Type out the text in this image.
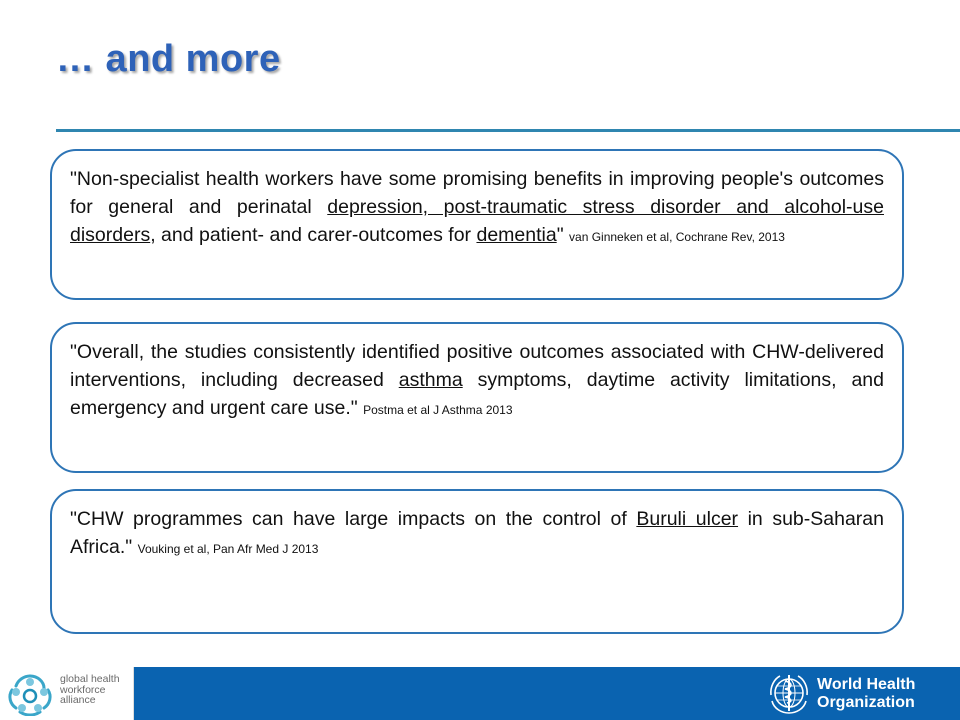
… and more
"Non-specialist health workers have some promising benefits in improving people's outcomes for general and perinatal depression, post-traumatic stress disorder and alcohol-use disorders, and patient- and carer-outcomes for dementia" van Ginneken et al, Cochrane Rev, 2013
"Overall, the studies consistently identified positive outcomes associated with CHW-delivered interventions, including decreased asthma symptoms, daytime activity limitations, and emergency and urgent care use." Postma et al J Asthma 2013
"CHW programmes can have large impacts on the control of Buruli ulcer in sub-Saharan Africa." Vouking et al, Pan Afr Med J 2013
global health
workforce
alliance
World Health
Organization
